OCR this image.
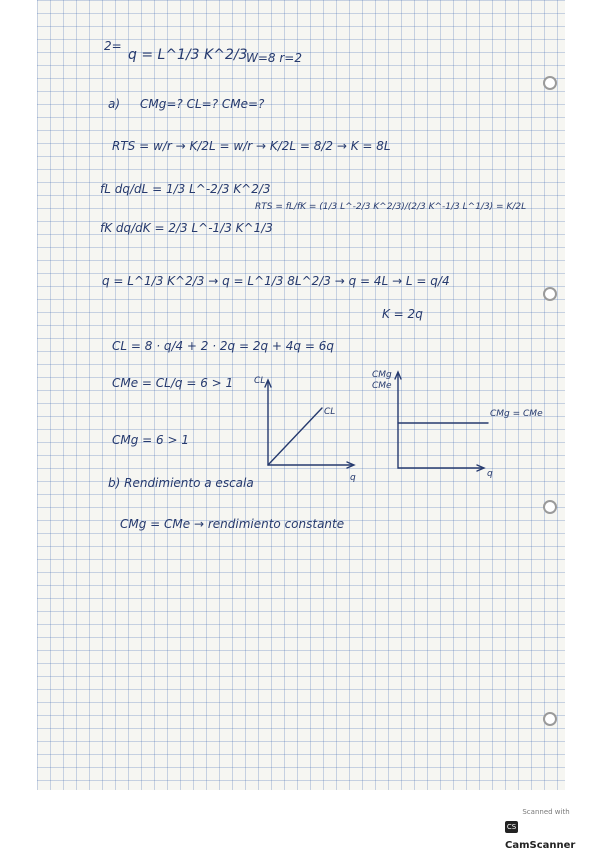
2=
q = L^1/3 K^2/3
W=8 r=2
a) CMg=? CL=? CMe=?
RTS = w/r → K/2L = w/r → K/2L = 8/2 → K = 8L
fL dq/dL = 1/3 L^-2/3 K^2/3
fK dq/dK = 2/3 L^-1/3 K^1/3
RTS = fL/fK = (1/3 L^-2/3 K^2/3)/(2/3 K^-1/3 L^1/3) = K/2L
q = L^1/3 K^2/3 → q = L^1/3 8L^2/3 → q = 4L → L = q/4
K = 2q
CL = 8 · q/4 + 2 · 2q = 2q + 4q = 6q
CMe = CL/q = 6 > 1
CMg = 6 > 1
CL
q
CL
CMg CMe
q
CMg = CMe
b) Rendimiento a escala
CMg = CMe → rendimiento constante
Scanned with
CSCamScanner
